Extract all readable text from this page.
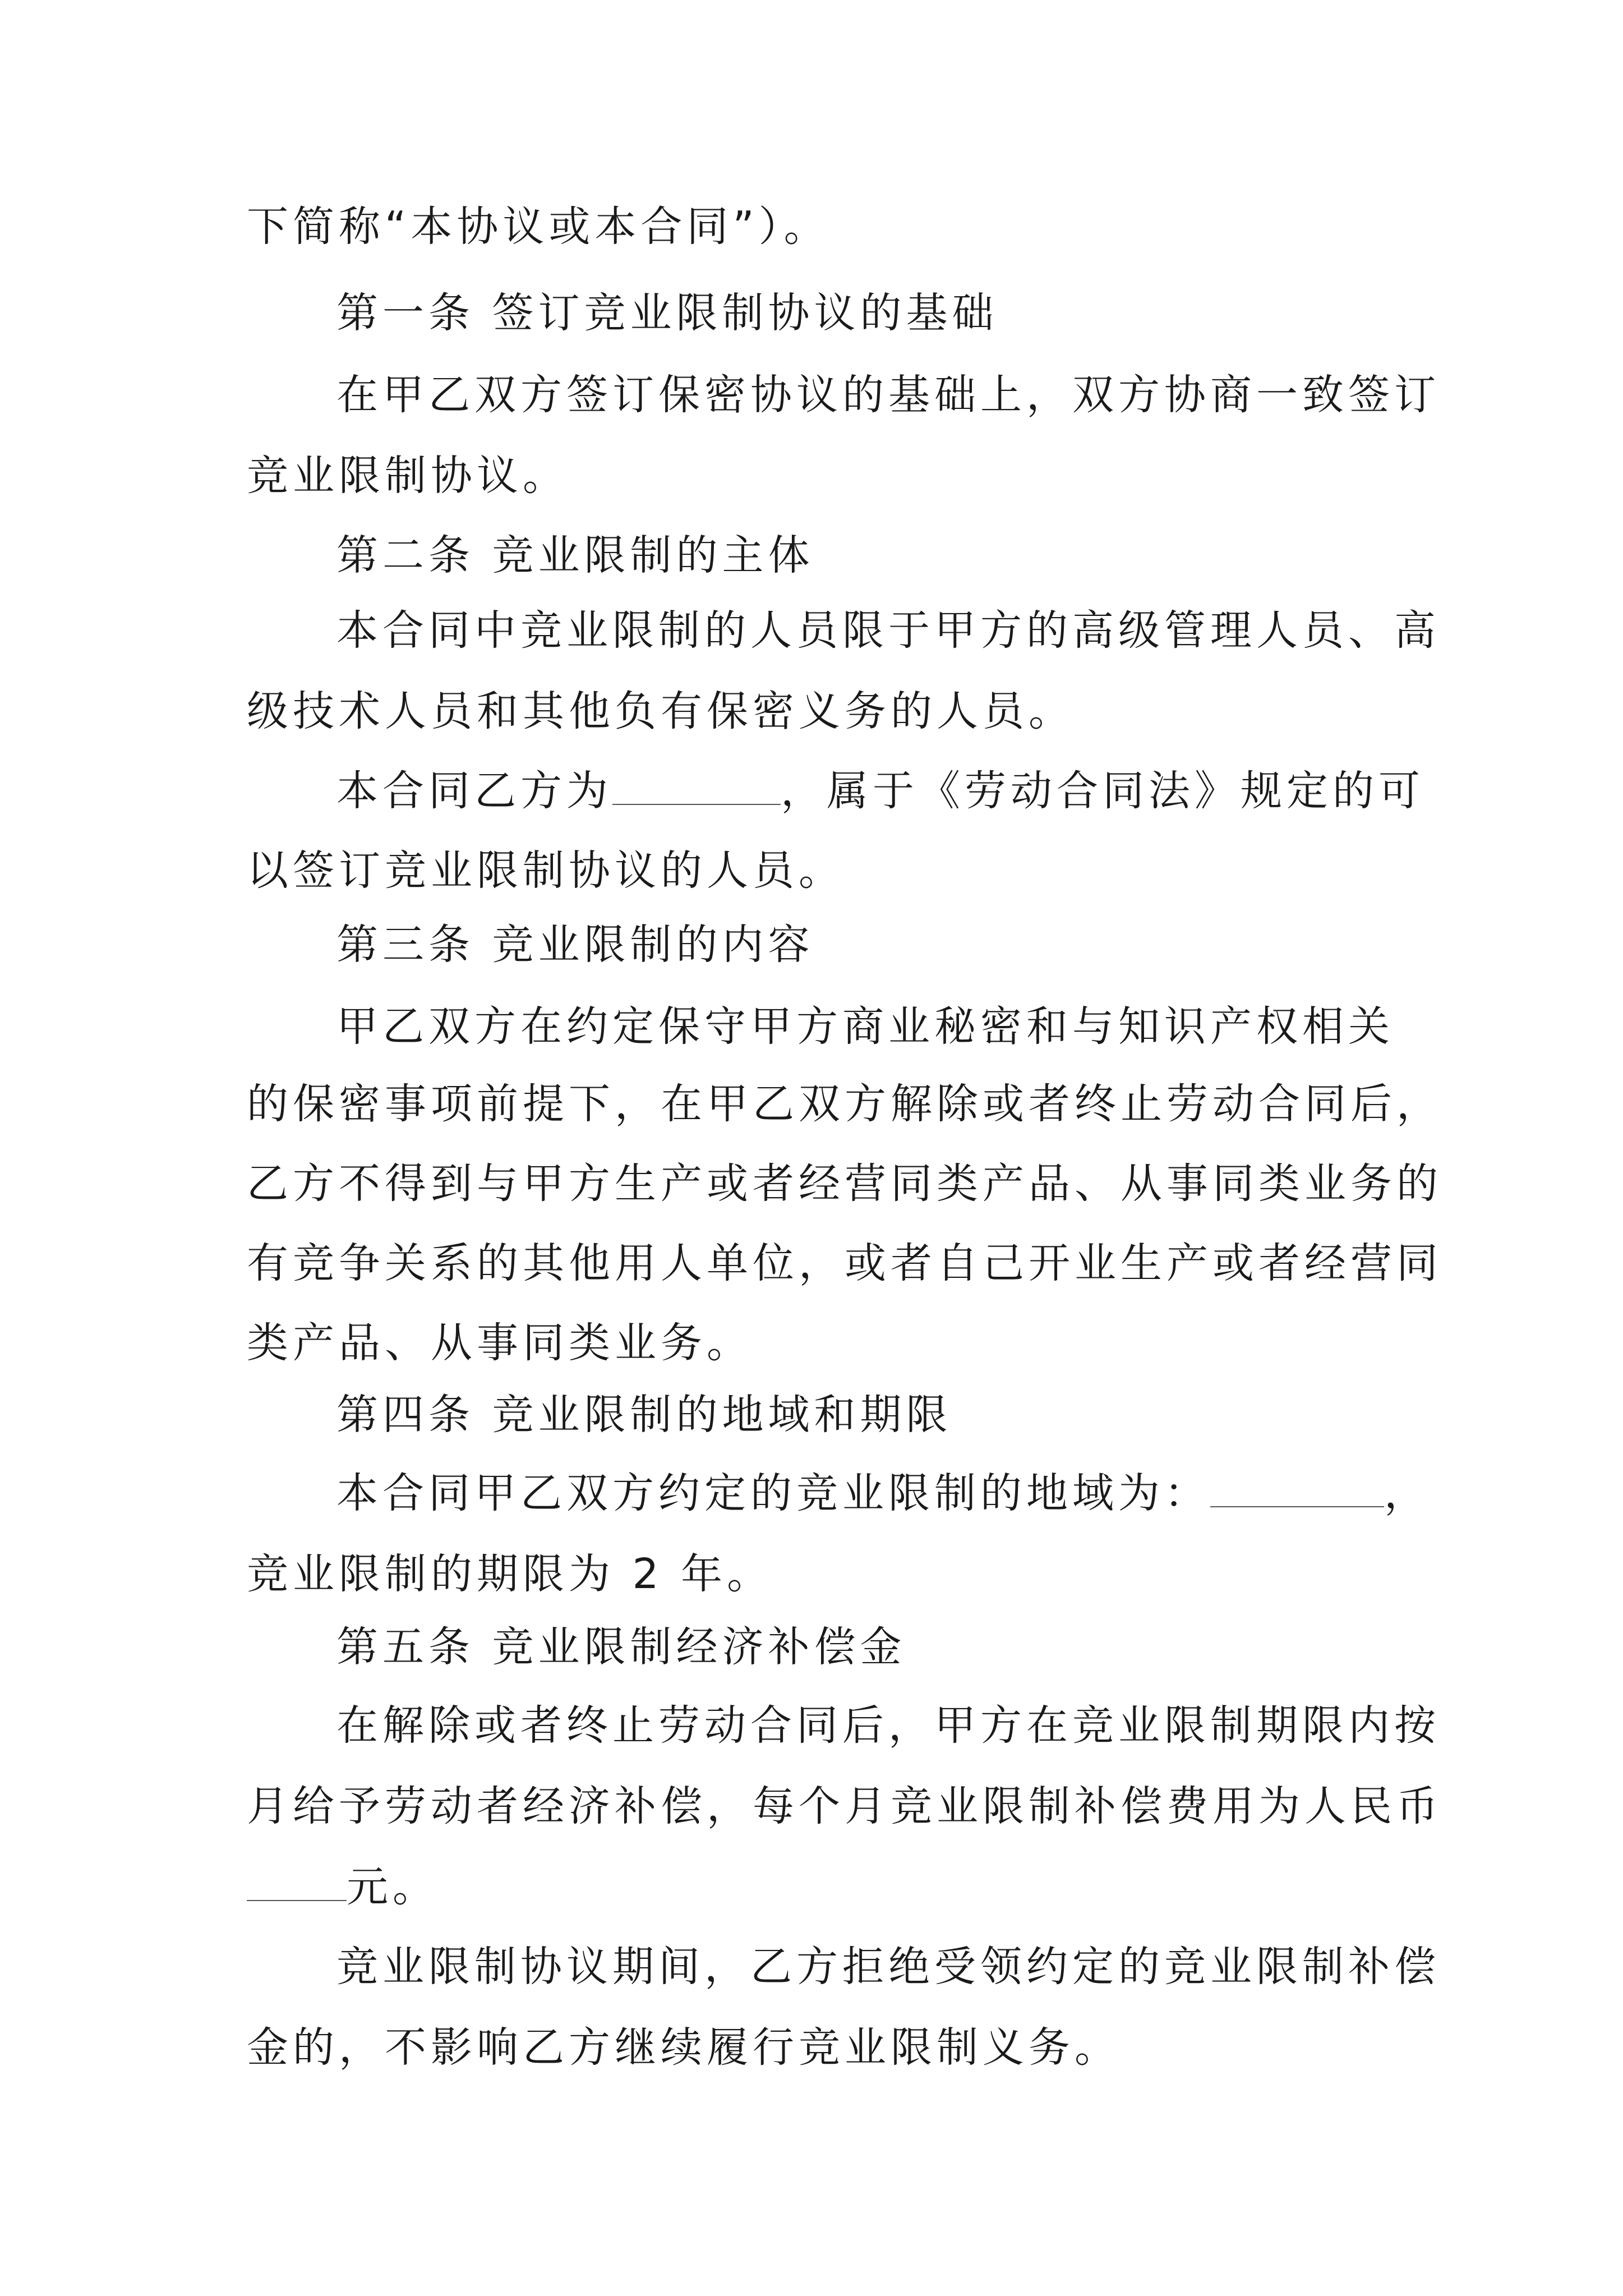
下简称“本协议或本合同”）。

第一条 签订竞业限制协议的基础

在甲乙双方签订保密协议的基础上，双方协商一致签订

竞业限制协议。

第二条 竞业限制的主体

本合同中竞业限制的人员限于甲方的高级管理人员、高

级技术人员和其他负有保密义务的人员。

本合同乙方为	，属于《劳动合同法》规定的可

以签订竞业限制协议的人员。

第三条 竞业限制的内容

甲乙双方在约定保守甲方商业秘密和与知识产权相关

的保密事项前提下，在甲乙双方解除或者终止劳动合同后，

乙方不得到与甲方生产或者经营同类产品、从事同类业务的

有竞争关系的其他用人单位，或者自己开业生产或者经营同

类产品、从事同类业务。

第四条 竞业限制的地域和期限

本合同甲乙双方约定的竞业限制的地域为：	，

竞业限制的期限为 2 年。

第五条 竞业限制经济补偿金

在解除或者终止劳动合同后，甲方在竞业限制期限内按

月给予劳动者经济补偿，每个月竞业限制补偿费用为人民币

元。

竞业限制协议期间，乙方拒绝受领约定的竞业限制补偿

金的，不影响乙方继续履行竞业限制义务。
